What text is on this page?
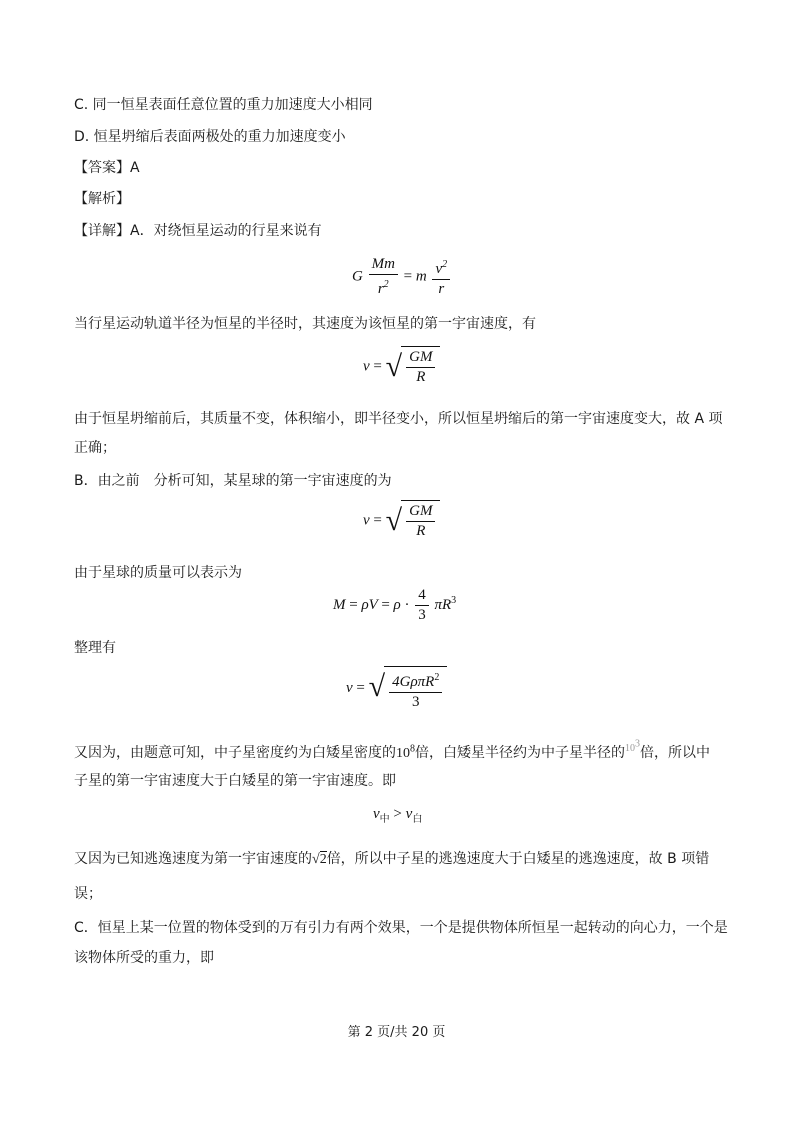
C. 同一恒星表面任意位置的重力加速度大小相同
D. 恒星坍缩后表面两极处的重力加速度变小
【答案】A
【解析】
【详解】A．对绕恒星运动的行星来说有
G $\frac{Mm}{r^2} = m \frac{v^2}{r}$
当行星运动轨道半径为恒星的半径时，其速度为该恒星的第一宇宙速度，有
v = √ $\frac{GM}{R}$
由于恒星坍缩前后，其质量不变，体积缩小，即半径变小，所以恒星坍缩后的第一宇宙速度变大，故 A 项
正确；
B．由之前　分析可知，某星球的第一宇宙速度的为
v = √ $\frac{GM}{R}$
由于星球的质量可以表示为
$M = \rho V = \rho \cdot \frac{4}{3} \pi R^3$
整理有
v = √ $\frac{4G\rho\pi R^2}{3}$
又因为，由题意可知，中子星密度约为白矮星密度的$10^8$倍，白矮星半径约为中子星半径的$^{10^3}$倍，所以中
子星的第一宇宙速度大于白矮星的第一宇宙速度。即
$v_中 > v_白$
又因为已知逃逸速度为第一宇宙速度的√2倍，所以中子星的逃逸速度大于白矮星的逃逸速度，故 B 项错
误；
C．恒星上某一位置的物体受到的万有引力有两个效果，一个是提供物体所恒星一起转动的向心力，一个是
该物体所受的重力，即
第 2 页/共 20 页
